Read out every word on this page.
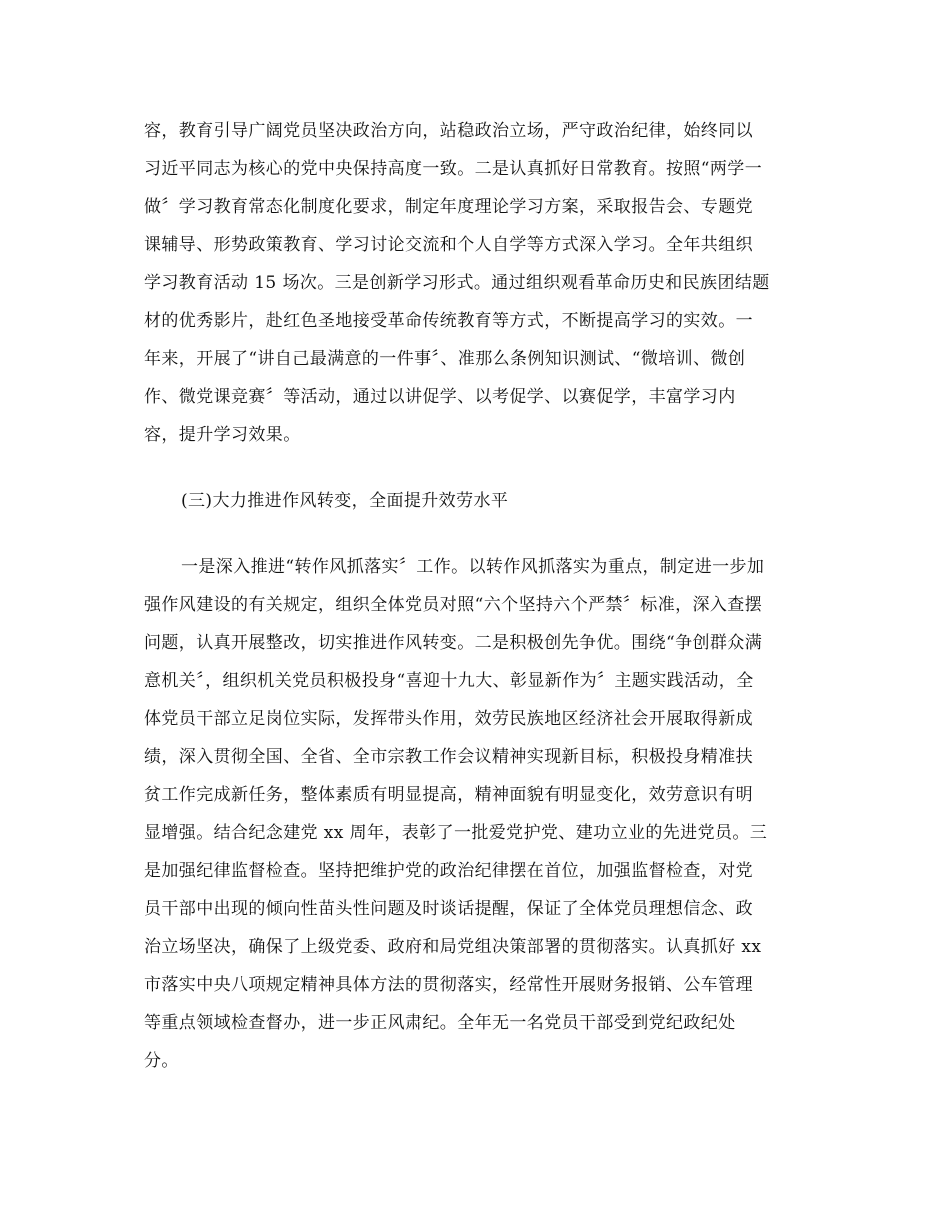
容，教育引导广阔党员坚决政治方向，站稳政治立场，严守政治纪律，始终同以
习近平同志为核心的党中央保持高度一致。二是认真抓好日常教育。按照“两学一
做〞学习教育常态化制度化要求，制定年度理论学习方案，采取报告会、专题党
课辅导、形势政策教育、学习讨论交流和个人自学等方式深入学习。全年共组织
学习教育活动 15 场次。三是创新学习形式。通过组织观看革命历史和民族团结题
材的优秀影片，赴红色圣地接受革命传统教育等方式，不断提高学习的实效。一
年来，开展了“讲自己最满意的一件事〞、准那么条例知识测试、“微培训、微创
作、微党课竞赛〞等活动，通过以讲促学、以考促学、以赛促学，丰富学习内
容，提升学习效果。
(三)大力推进作风转变，全面提升效劳水平
一是深入推进“转作风抓落实〞工作。以转作风抓落实为重点，制定进一步加
强作风建设的有关规定，组织全体党员对照“六个坚持六个严禁〞标准，深入查摆
问题，认真开展整改，切实推进作风转变。二是积极创先争优。围绕“争创群众满
意机关〞，组织机关党员积极投身“喜迎十九大、彰显新作为〞主题实践活动，全
体党员干部立足岗位实际，发挥带头作用，效劳民族地区经济社会开展取得新成
绩，深入贯彻全国、全省、全市宗教工作会议精神实现新目标，积极投身精准扶
贫工作完成新任务，整体素质有明显提高，精神面貌有明显变化，效劳意识有明
显增强。结合纪念建党 xx 周年，表彰了一批爱党护党、建功立业的先进党员。三
是加强纪律监督检查。坚持把维护党的政治纪律摆在首位，加强监督检查，对党
员干部中出现的倾向性苗头性问题及时谈话提醒，保证了全体党员理想信念、政
治立场坚决，确保了上级党委、政府和局党组决策部署的贯彻落实。认真抓好 xx
市落实中央八项规定精神具体方法的贯彻落实，经常性开展财务报销、公车管理
等重点领域检查督办，进一步正风肃纪。全年无一名党员干部受到党纪政纪处
分。
